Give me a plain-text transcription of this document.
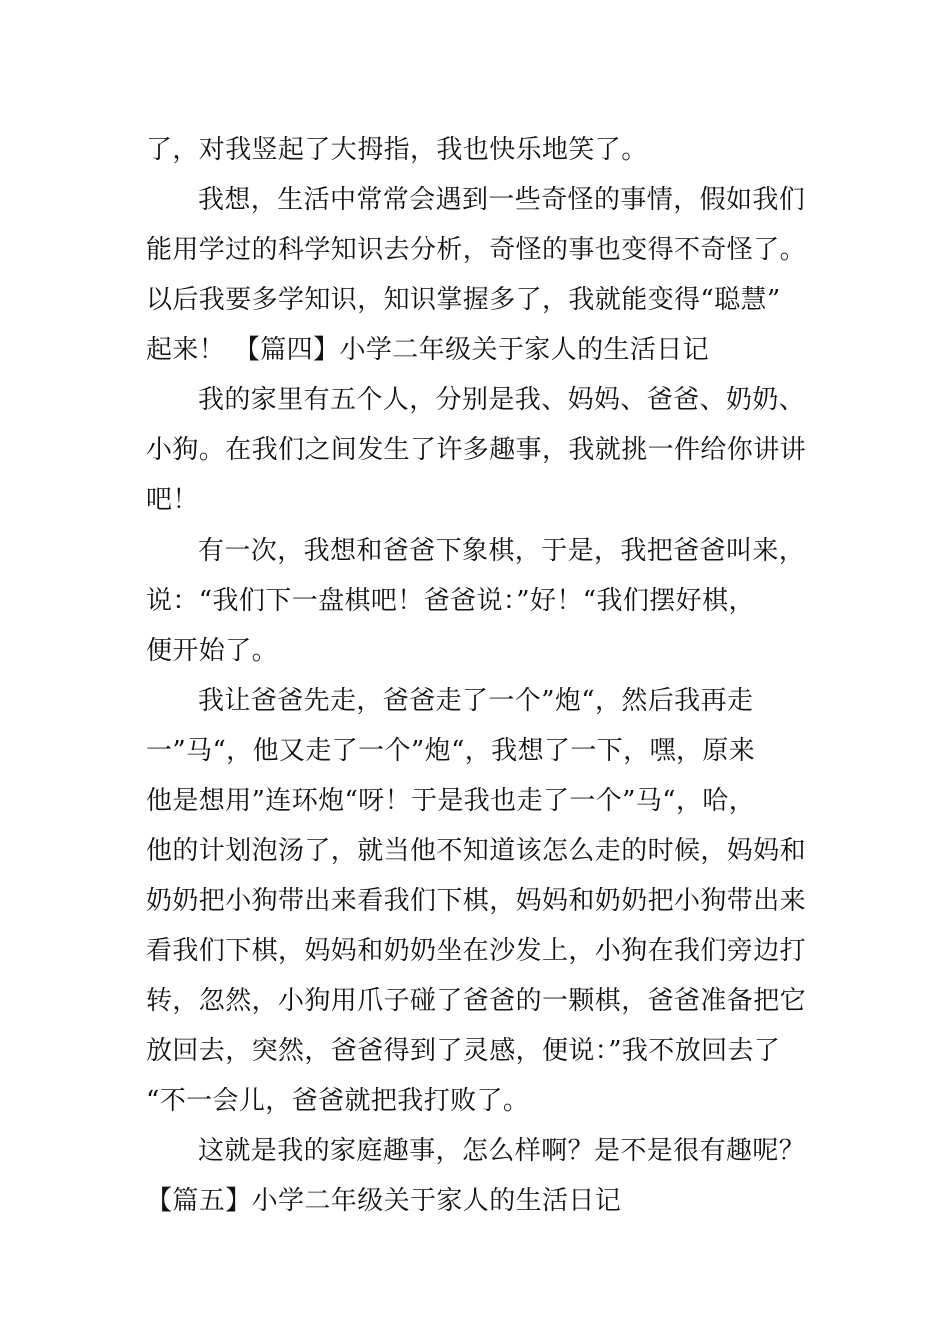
了，对我竖起了大拇指，我也快乐地笑了。
我想，生活中常常会遇到一些奇怪的事情，假如我们
能用学过的科学知识去分析，奇怪的事也变得不奇怪了。
以后我要多学知识，知识掌握多了，我就能变得“聪慧”
起来！ 【篇四】小学二年级关于家人的生活日记
我的家里有五个人，分别是我、妈妈、爸爸、奶奶、
小狗。在我们之间发生了许多趣事，我就挑一件给你讲讲
吧！
有一次，我想和爸爸下象棋，于是，我把爸爸叫来，
说：“我们下一盘棋吧！爸爸说：”好！“我们摆好棋，
便开始了。
我让爸爸先走，爸爸走了一个”炮“，然后我再走
一”马“，他又走了一个”炮“，我想了一下，嘿，原来
他是想用”连环炮“呀！于是我也走了一个”马“，哈，
他的计划泡汤了，就当他不知道该怎么走的时候，妈妈和
奶奶把小狗带出来看我们下棋，妈妈和奶奶把小狗带出来
看我们下棋，妈妈和奶奶坐在沙发上，小狗在我们旁边打
转，忽然，小狗用爪子碰了爸爸的一颗棋，爸爸准备把它
放回去，突然，爸爸得到了灵感，便说：”我不放回去了
“不一会儿，爸爸就把我打败了。
这就是我的家庭趣事，怎么样啊？是不是很有趣呢？
【篇五】小学二年级关于家人的生活日记
